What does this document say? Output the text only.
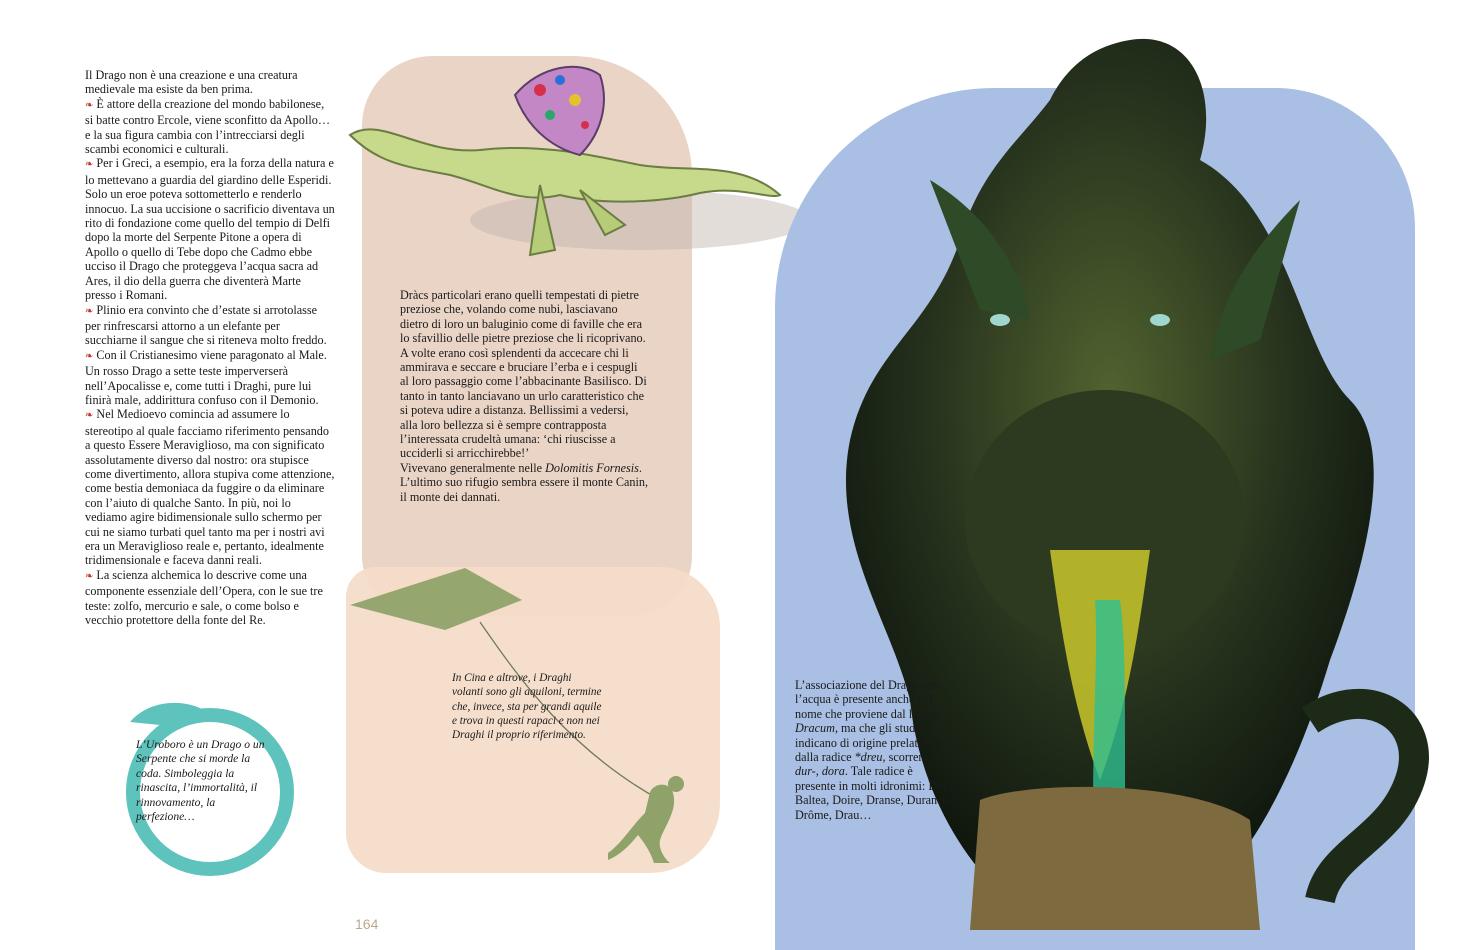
Il Drago non è una creazione e una creatura medievale ma esiste da ben prima.

❧ È attore della creazione del mondo babilonese, si batte contro Ercole, viene sconfitto da Apollo… e la sua figura cambia con l’intrecciarsi degli scambi economici e culturali.

❧ Per i Greci, a esempio, era la forza della natura e lo mettevano a guardia del giardino delle Esperidi. Solo un eroe poteva sottometterlo e renderlo innocuo. La sua uccisione o sacrificio diventava un rito di fondazione come quello del tempio di Delfi dopo la morte del Serpente Pitone a opera di Apollo o quello di Tebe dopo che Cadmo ebbe ucciso il Drago che proteggeva l’acqua sacra ad Ares, il dio della guerra che diventerà Marte presso i Romani.

❧ Plinio era convinto che d’estate si arrotolasse per rinfrescarsi attorno a un elefante per succhiarne il sangue che si riteneva molto freddo.

❧ Con il Cristianesimo viene paragonato al Male. Un rosso Drago a sette teste imperverserà nell’Apocalisse e, come tutti i Draghi, pure lui finirà male, addirittura confuso con il Demonio.

❧ Nel Medioevo comincia ad assumere lo stereotipo al quale facciamo riferimento pensando a questo Essere Meraviglioso, ma con significato assolutamente diverso dal nostro: ora stupisce come divertimento, allora stupiva come attenzione, come bestia demoniaca da fuggire o da eliminare con l’aiuto di qualche Santo. In più, noi lo vediamo agire bidimensionale sullo schermo per cui ne siamo turbati quel tanto ma per i nostri avi era un Meraviglioso reale e, pertanto, idealmente tridimensionale e faceva danni reali.

❧ La scienza alchemica lo descrive come una componente essenziale dell’Opera, con le sue tre teste: zolfo, mercurio e sale, o come bolso e vecchio protettore della fonte del Re.

Dràcs particolari erano quelli tempestati di pietre preziose che, volando come nubi, lasciavano dietro di loro un baluginio come di faville che era lo sfavillio delle pietre preziose che li ricoprivano. A volte erano così splendenti da accecare chi li ammirava e seccare e bruciare l’erba e i cespugli al loro passaggio come l’abbacinante Basilisco. Di tanto in tanto lanciavano un urlo caratteristico che si poteva udire a distanza. Bellissimi a vedersi, alla loro bellezza si è sempre contrapposta l’interessata crudeltà umana: ‘chi riuscisse a ucciderli si arricchirebbe!’
Vivevano generalmente nelle Dolomitis Fornesis. L’ultimo suo rifugio sembra essere il monte Canin, il monte dei dannati.
In Cina e altrove, i Draghi volanti sono gli aquiloni, termine che, invece, sta per grandi aquile e trova in questi rapaci e non nei Draghi il proprio riferimento.
L’associazione del Drago con l’acqua è presente anche nel nome che proviene dal latino, Dracum, ma che gli studiosi indicano di origine prelatina e dalla radice *dreu, scorrere, dur-, dora. Tale radice è presente in molti idronimi: Dora Baltea, Doire, Dranse, Durance, Drôme, Drau…
L’Uroboro è un Drago o un Serpente che si morde la coda. Simboleggia la rinascita, l’immortalità, il rinnovamento, la perfezione…
164
